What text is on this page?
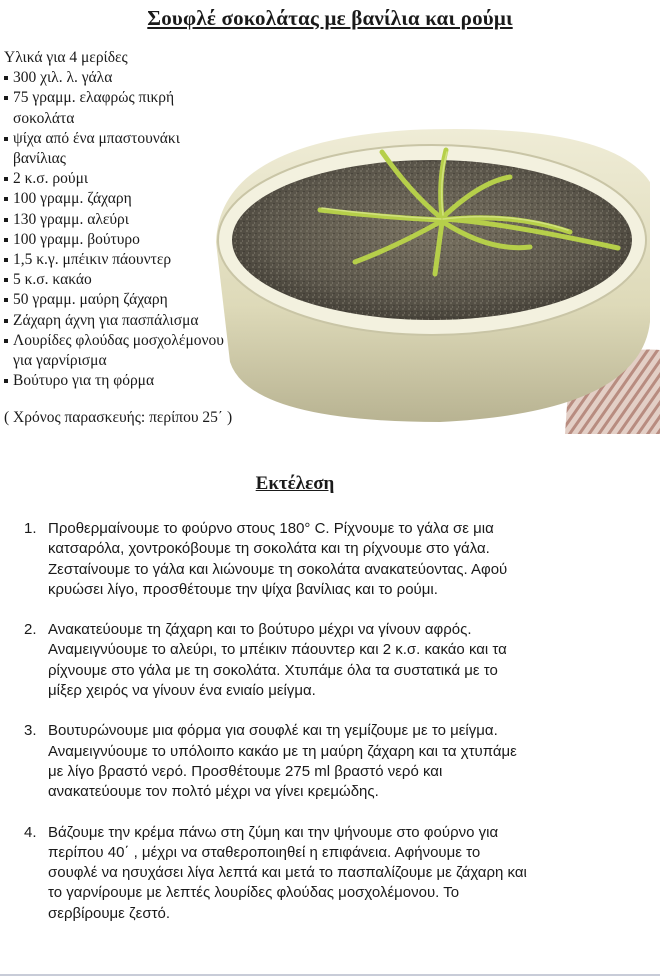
Σουφλέ σοκολάτας με βανίλια και ρούμι
Υλικά για 4 μερίδες
300 χιλ. λ. γάλα
75 γραμμ. ελαφρώς πικρή
σοκολάτα
ψίχα από ένα μπαστουνάκι
βανίλιας
2 κ.σ. ρούμι
100 γραμμ. ζάχαρη
130 γραμμ. αλεύρι
100 γραμμ. βούτυρο
1,5 κ.γ. μπέικιν πάουντερ
5 κ.σ. κακάο
50 γραμμ. μαύρη ζάχαρη
Ζάχαρη άχνη για πασπάλισμα
Λουρίδες φλούδας μοσχολέμονου
για γαρνίρισμα
Βούτυρο για τη φόρμα
( Χρόνος παρασκευής: περίπου 25΄ )
Εκτέλεση
1. Προθερμαίνουμε το φούρνο στους 180° C. Ρίχνουμε το γάλα σε μια
κατσαρόλα, χοντροκόβουμε τη σοκολάτα και τη ρίχνουμε στο γάλα.
Ζεσταίνουμε το γάλα και λιώνουμε τη σοκολάτα ανακατεύοντας. Αφού
κρυώσει λίγο, προσθέτουμε την ψίχα βανίλιας και το ρούμι.
2. Ανακατεύουμε τη ζάχαρη και το βούτυρο μέχρι να γίνουν αφρός.
Αναμειγνύουμε το αλεύρι, το μπέικιν πάουντερ και 2 κ.σ. κακάο και τα
ρίχνουμε στο γάλα με τη σοκολάτα. Χτυπάμε όλα τα συστατικά με το
μίξερ χειρός να γίνουν ένα ενιαίο μείγμα.
3. Βουτυρώνουμε μια φόρμα για σουφλέ και τη γεμίζουμε με το μείγμα.
Αναμειγνύουμε το υπόλοιπο κακάο με τη μαύρη ζάχαρη και τα χτυπάμε
με λίγο βραστό νερό. Προσθέτουμε 275 ml βραστό νερό και
ανακατεύουμε τον πολτό μέχρι να γίνει κρεμώδης.
4. Βάζουμε την κρέμα πάνω στη ζύμη και την ψήνουμε στο φούρνο για
περίπου 40΄ , μέχρι να σταθεροποιηθεί η επιφάνεια. Αφήνουμε το
σουφλέ να ησυχάσει λίγα λεπτά και μετά το πασπαλίζουμε με ζάχαρη και
το γαρνίρουμε με λεπτές λουρίδες φλούδας μοσχολέμονου. Το
σερβίρουμε ζεστό.
